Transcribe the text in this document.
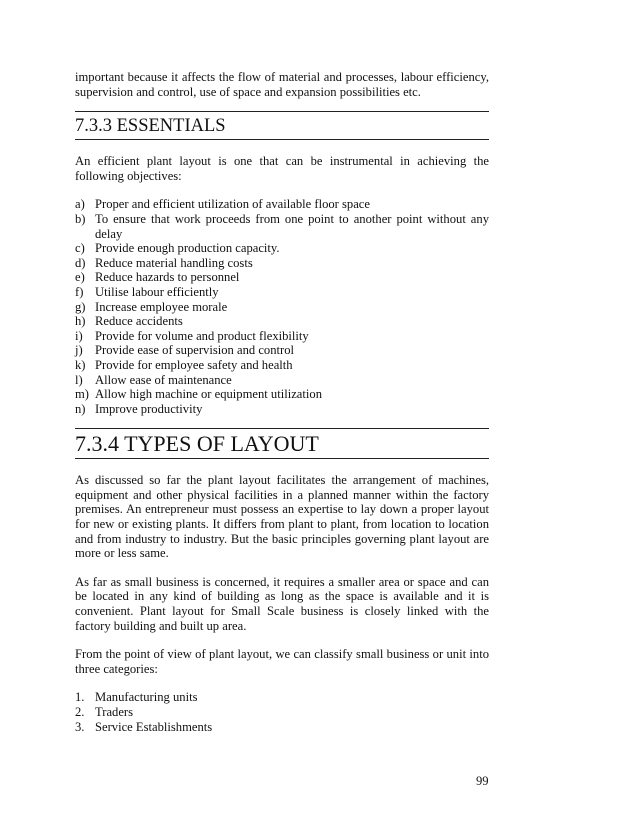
important because it affects the flow of material and processes, labour efficiency, supervision and control, use of space and expansion possibilities etc.

7.3.3 ESSENTIALS

An efficient plant layout is one that can be instrumental in achieving the following objectives:

a) Proper and efficient utilization of available floor space
b) To ensure that work proceeds from one point to another point without any delay
c) Provide enough production capacity.
d) Reduce material handling costs
e) Reduce hazards to personnel
f) Utilise labour efficiently
g) Increase employee morale
h) Reduce accidents
i) Provide for volume and product flexibility
j) Provide ease of supervision and control
k) Provide for employee safety and health
l) Allow ease of maintenance
m) Allow high machine or equipment utilization
n) Improve productivity
7.3.4 TYPES OF LAYOUT

As discussed so far the plant layout facilitates the arrangement of machines, equipment and other physical facilities in a planned manner within the factory premises. An entrepreneur must possess an expertise to lay down a proper layout for new or existing plants. It differs from plant to plant, from location to location and from industry to industry. But the basic principles governing plant layout are more or less same.

As far as small business is concerned, it requires a smaller area or space and can be located in any kind of building as long as the space is available and it is convenient. Plant layout for Small Scale business is closely linked with the factory building and built up area.

From the point of view of plant layout, we can classify small business or unit into three categories:

1. Manufacturing units
2. Traders
3. Service Establishments
99
